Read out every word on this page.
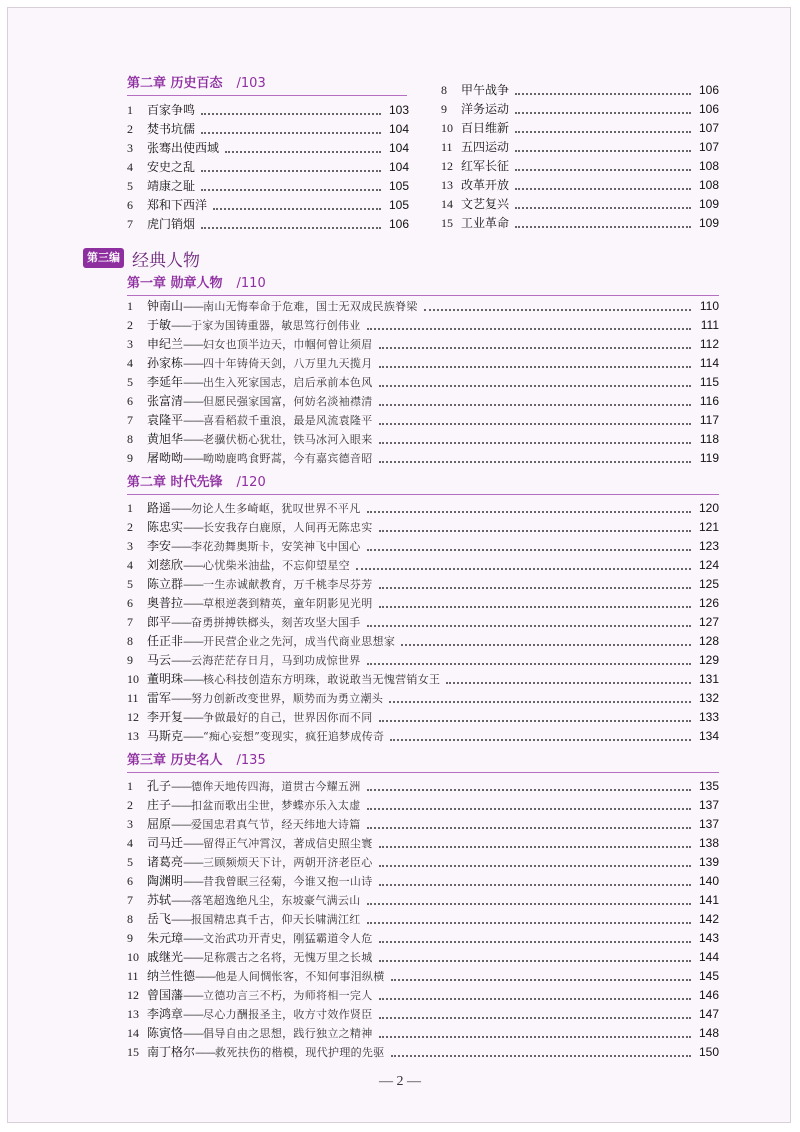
第二章 历史百态 /103
第三编 经典人物
第一章 勋章人物 /110
第二章 时代先锋 /120
第三章 历史名人 /135
1	百家争鸣	103
2	焚书坑儒	104
3	张骞出使西域	104
4	安史之乱	104
5	靖康之耻	105
6	郑和下西洋	105
7	虎门销烟	106
8	甲午战争	106
9	洋务运动	106
10 百日维新	107
11 五四运动	107
12 红军长征	108
13 改革开放	108
14 文艺复兴	109
15 工业革命	109
1	钟南山 —— 南山无悔奉命于危难，国士无双成民族脊梁	110
2	于敏 —— 于家为国铸重器，敏思笃行创伟业	111
3	申纪兰 —— 妇女也顶半边天，巾帼何曾让须眉	112
4	孙家栋 —— 四十年铸倚天剑，八万里九天揽月	114
5	李延年 —— 出生入死家国志，启后承前本色风	115
6	张富清 —— 但愿民强家国富，何妨名淡袖襟清	116
7	袁隆平 —— 喜看稻菽千重浪，最是风流袁隆平	117
8	黄旭华 —— 老骥伏枥心犹壮，铁马冰河入眼来	118
9	屠呦呦 —— 呦呦鹿鸣食野蒿，今有嘉宾德音昭	119
1	路遥 —— 勿论人生多崎岖，犹叹世界不平凡	120
2	陈忠实 —— 长安我存白鹿原，人间再无陈忠实	121
3	李安 —— 李花劲舞奥斯卡，安笑神飞中国心	123
4	刘慈欣 —— 心忧柴米油盐，不忘仰望星空	124
5	陈立群 —— 一生赤诚献教育，万千桃李尽芬芳	125
6	奥普拉 —— 草根逆袭到精英，童年阴影见光明	126
7	郎平 —— 奋勇拼搏铁榔头，刻苦攻坚大国手	127
8	任正非 —— 开民营企业之先河，成当代商业思想家	128
9	马云 —— 云海茫茫存日月，马到功成惊世界	129
10 董明珠 —— 核心科技创造东方明珠，敢说敢当无愧营销女王	131
11 雷军 —— 努力创新改变世界，顺势而为勇立潮头	132
12 李开复 —— 争做最好的自己，世界因你而不同	133
13 马斯克 —— “痴心妄想”变现实，疯狂追梦成传奇	134
1	孔子 —— 德侔天地传四海，道贯古今耀五洲	135
2	庄子 —— 扣盆而歌出尘世，梦蝶亦乐入太虚	137
3	屈原 —— 爱国忠君真气节，经天纬地大诗篇	137
4	司马迁 —— 留得正气冲霄汉，著成信史照尘寰	138
5	诸葛亮 —— 三顾频烦天下计，两朝开济老臣心	139
6	陶渊明 —— 昔我曾眠三径菊，今谁又抱一山诗	140
7	苏轼 —— 落笔超逸绝凡尘，东坡豪气满云山	141
8	岳飞 —— 报国精忠真千古，仰天长啸满江红	142
9	朱元璋 —— 文治武功开青史，刚猛霸道令人危	143
10 戚继光 —— 足称震古之名将，无愧万里之长城	144
11 纳兰性德 —— 他是人间惆怅客，不知何事泪纵横	145
12 曾国藩 —— 立德功言三不朽，为师将相一完人	146
13 李鸿章 —— 尽心力酬报圣主，收方寸效作贤臣	147
14 陈寅恪 —— 倡导自由之思想，践行独立之精神	148
15 南丁格尔 —— 救死扶伤的楷模，现代护理的先驱	150
— 2 —
